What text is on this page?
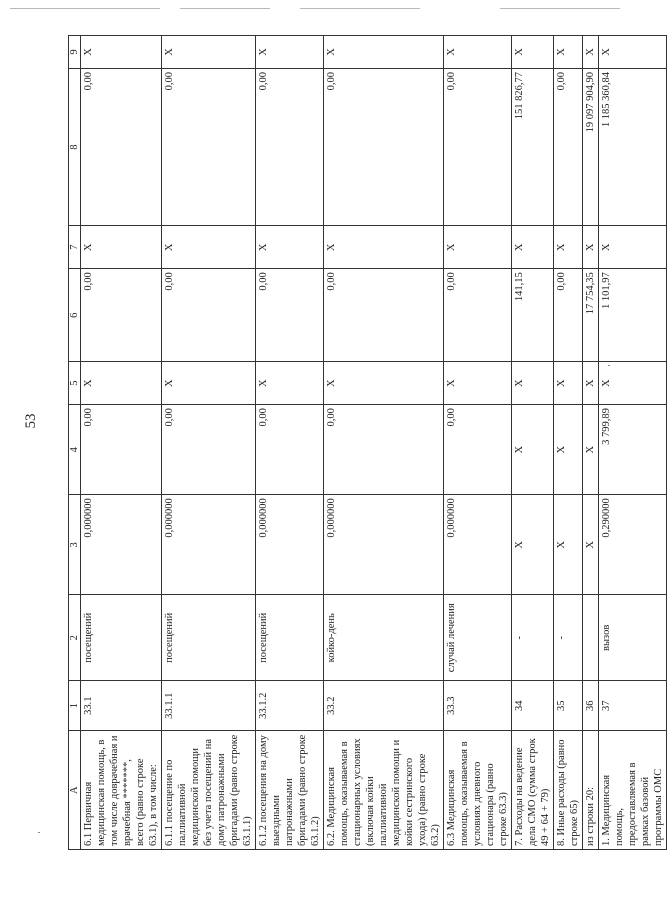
53
A	1	2	3	4	5	6	7	8	9
6.1 Первичная медицинская помощь, в том числе доврачебная и врачебная *******, всего (равно строке 63.1), в том числе:	33.1	посещений	0,000000	0,00	X	0,00	X	0,00	X
6.1.1 посещение по паллиативной медицинской помощи без учета посещений на дому патронажными бригадами (равно строке 63.1.1)	33.1.1	посещений	0,000000	0,00	X	0,00	X	0,00	X
6.1.2 посещения на дому выездными патронажными бригадами (равно строке 63.1.2)	33.1.2	посещений	0,000000	0,00	X	0,00	X	0,00	X
6.2. Медицинская помощь, оказываемая в стационарных условиях (включая койки паллиативной медицинской помощи и койки сестринского ухода) (равно строке 63.2)	33.2	койко-день	0,000000	0,00	X	0,00	X	0,00	X
6.3 Медицинская помощь, оказываемая в условиях дневного стационара (равно строке 63.3)	33.3	случай лечения	0,000000	0,00	X	0,00	X	0,00	X
7. Расходы на ведение дела СМО (сумма строк 49 + 64 + 79)	34	-	X	X	X	141,15	X	151 826,77	X
8. Иные расходы (равно строке 65)	35	-	X	X	X	0,00	X	0,00	X
из строки 20:	36		X	X	X	17 754,35	X	19 097 904,90	X
1. Медицинская помощь, предоставляемая в рамках базовой программы ОМС	37	вызов	0,290000	3 799,89	X	1 101,97	X	1 185 360,84	X
